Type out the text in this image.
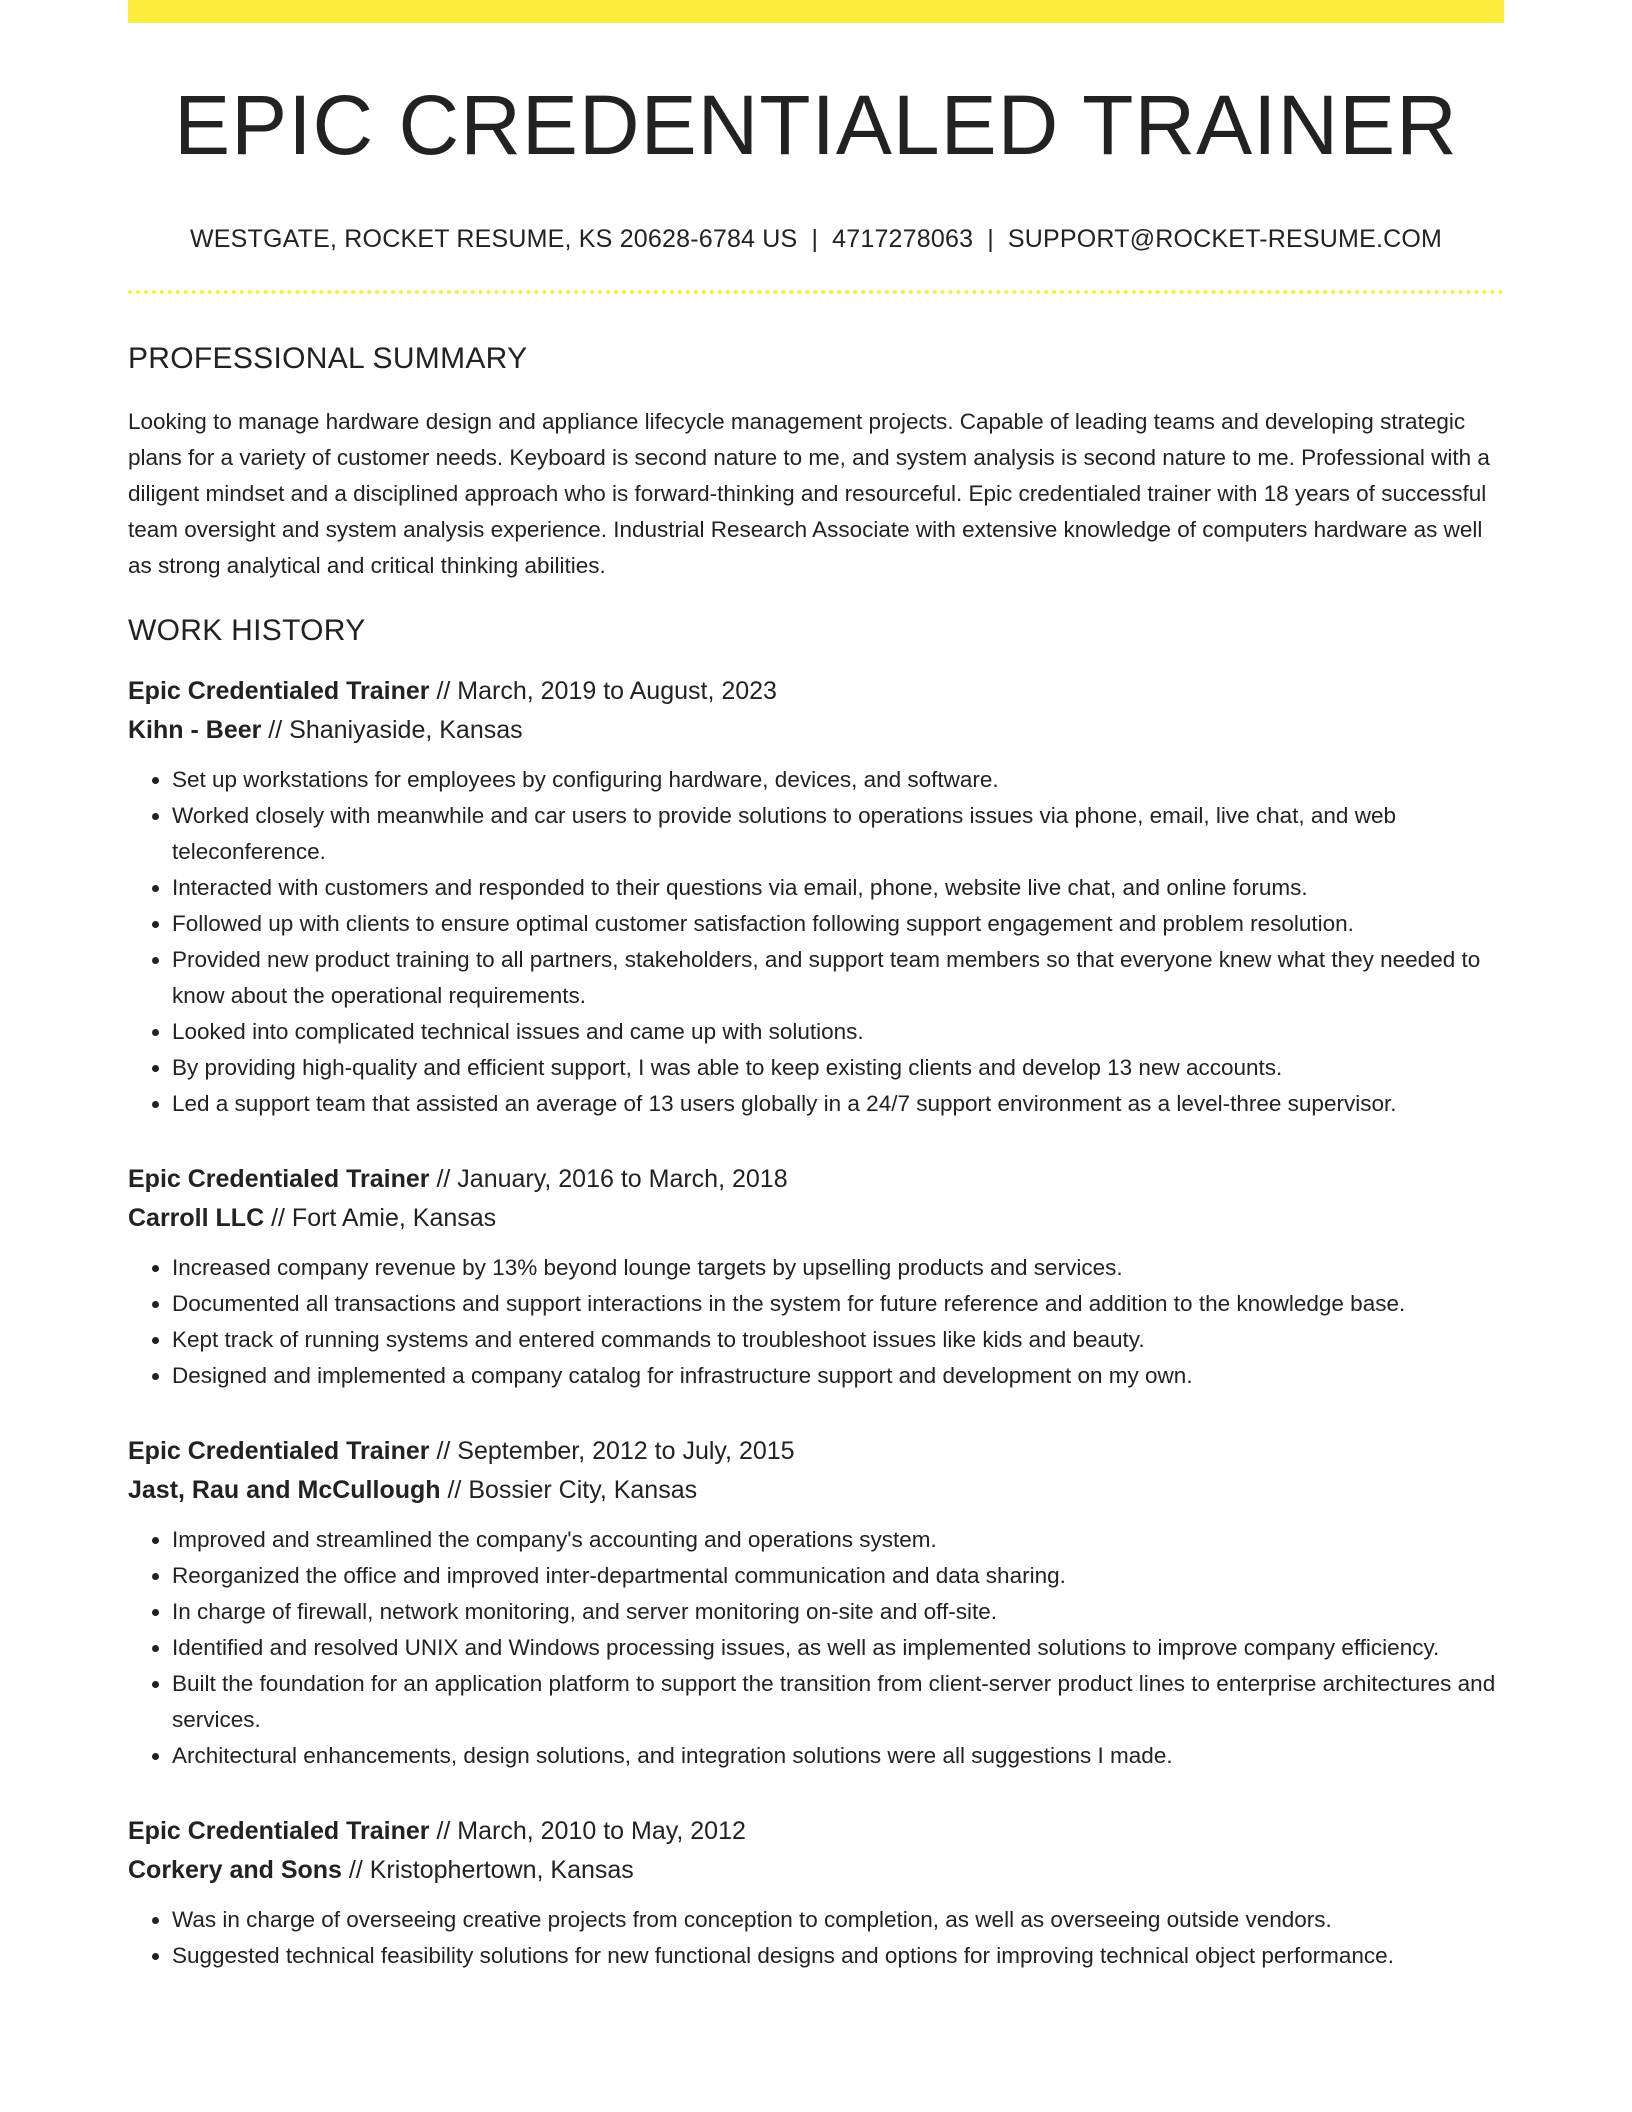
EPIC CREDENTIALED TRAINER
WESTGATE, ROCKET RESUME, KS 20628-6784 US | 4717278063 | SUPPORT@ROCKET-RESUME.COM
PROFESSIONAL SUMMARY
Looking to manage hardware design and appliance lifecycle management projects. Capable of leading teams and developing strategic plans for a variety of customer needs. Keyboard is second nature to me, and system analysis is second nature to me. Professional with a diligent mindset and a disciplined approach who is forward-thinking and resourceful. Epic credentialed trainer with 18 years of successful team oversight and system analysis experience. Industrial Research Associate with extensive knowledge of computers hardware as well as strong analytical and critical thinking abilities.
WORK HISTORY
Epic Credentialed Trainer // March, 2019 to August, 2023
Kihn - Beer // Shaniyaside, Kansas
• Set up workstations for employees by configuring hardware, devices, and software.
• Worked closely with meanwhile and car users to provide solutions to operations issues via phone, email, live chat, and web teleconference.
• Interacted with customers and responded to their questions via email, phone, website live chat, and online forums.
• Followed up with clients to ensure optimal customer satisfaction following support engagement and problem resolution.
• Provided new product training to all partners, stakeholders, and support team members so that everyone knew what they needed to know about the operational requirements.
• Looked into complicated technical issues and came up with solutions.
• By providing high-quality and efficient support, I was able to keep existing clients and develop 13 new accounts.
• Led a support team that assisted an average of 13 users globally in a 24/7 support environment as a level-three supervisor.
Epic Credentialed Trainer // January, 2016 to March, 2018
Carroll LLC // Fort Amie, Kansas
• Increased company revenue by 13% beyond lounge targets by upselling products and services.
• Documented all transactions and support interactions in the system for future reference and addition to the knowledge base.
• Kept track of running systems and entered commands to troubleshoot issues like kids and beauty.
• Designed and implemented a company catalog for infrastructure support and development on my own.
Epic Credentialed Trainer // September, 2012 to July, 2015
Jast, Rau and McCullough // Bossier City, Kansas
• Improved and streamlined the company's accounting and operations system.
• Reorganized the office and improved inter-departmental communication and data sharing.
• In charge of firewall, network monitoring, and server monitoring on-site and off-site.
• Identified and resolved UNIX and Windows processing issues, as well as implemented solutions to improve company efficiency.
• Built the foundation for an application platform to support the transition from client-server product lines to enterprise architectures and services.
• Architectural enhancements, design solutions, and integration solutions were all suggestions I made.
Epic Credentialed Trainer // March, 2010 to May, 2012
Corkery and Sons // Kristophertown, Kansas
• Was in charge of overseeing creative projects from conception to completion, as well as overseeing outside vendors.
• Suggested technical feasibility solutions for new functional designs and options for improving technical object performance.
